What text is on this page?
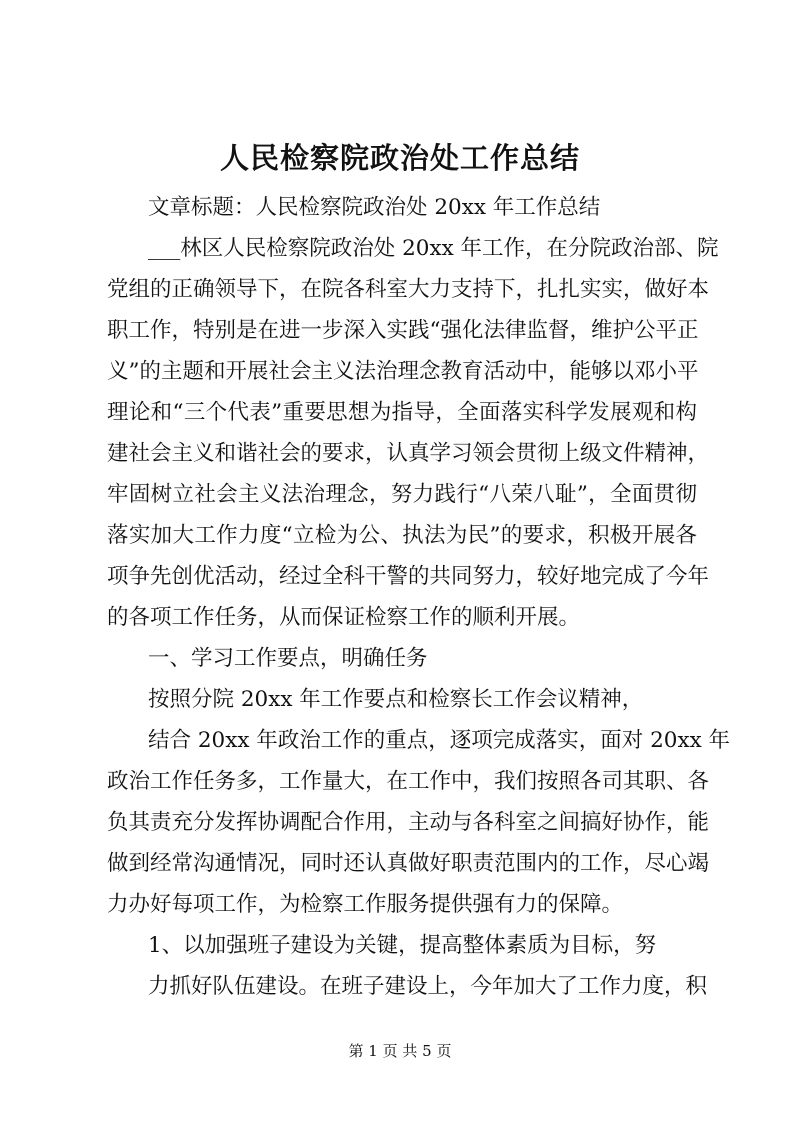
人民检察院政治处工作总结
文章标题：人民检察院政治处 20xx 年工作总结
___林区人民检察院政治处 20xx 年工作，在分院政治部、院
党组的正确领导下，在院各科室大力支持下，扎扎实实，做好本
职工作，特别是在进一步深入实践“强化法律监督，维护公平正
义”的主题和开展社会主义法治理念教育活动中，能够以邓小平
理论和“三个代表”重要思想为指导，全面落实科学发展观和构
建社会主义和谐社会的要求，认真学习领会贯彻上级文件精神，
牢固树立社会主义法治理念，努力践行“八荣八耻”，全面贯彻
落实加大工作力度“立检为公、执法为民”的要求，积极开展各
项争先创优活动，经过全科干警的共同努力，较好地完成了今年
的各项工作任务，从而保证检察工作的顺利开展。
一、学习工作要点，明确任务
按照分院 20xx 年工作要点和检察长工作会议精神，
结合 20xx 年政治工作的重点，逐项完成落实，面对 20xx 年
政治工作任务多，工作量大，在工作中，我们按照各司其职、各
负其责充分发挥协调配合作用，主动与各科室之间搞好协作，能
做到经常沟通情况，同时还认真做好职责范围内的工作，尽心竭
力办好每项工作，为检察工作服务提供强有力的保障。
1、以加强班子建设为关键，提高整体素质为目标，努
力抓好队伍建设。在班子建设上，今年加大了工作力度，积
第 1 页 共 5 页
